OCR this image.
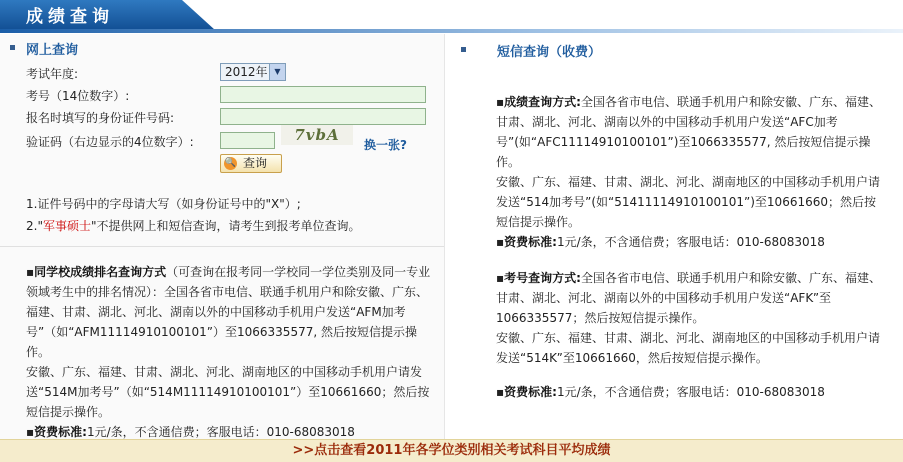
成绩查询
网上查询
考试年度:	2012年 ▼
考号（14位数字）:
报名时填写的身份证件号码:
验证码（右边显示的4位数字）:	7vbA
换一张?
🔍 查询
1.证件号码中的字母请大写（如身份证号中的"X"）;
2."军事硕士"不提供网上和短信查询，请考生到报考单位查询。
▪同学校成绩排名查询方式（可查询在报考同一学校同一学位类别及同一专业领域考生中的排名情况）：全国各省市电信、联通手机用户和除安徽、广东、福建、甘肃、湖北、河北、湖南以外的中国移动手机用户发送“AFM加考号”（如“AFM11114910100101”）至1066335577, 然后按短信提示操作。
安徽、广东、福建、甘肃、湖北、河北、湖南地区的中国移动手机用户请发送“514M加考号”（如“514M11114910100101”）至10661660；然后按短信提示操作。
▪资费标准:1元/条，不含通信费；客服电话：010-68083018
短信查询（收费）
▪成绩查询方式:全国各省市电信、联通手机用户和除安徽、广东、福建、甘肃、湖北、河北、湖南以外的中国移动手机用户发送“AFC加考号”(如“AFC11114910100101”)至1066335577, 然后按短信提示操作。
安徽、广东、福建、甘肃、湖北、河北、湖南地区的中国移动手机用户请发送“514加考号”(如“51411114910100101”)至10661660；然后按短信提示操作。
▪资费标准:1元/条，不含通信费；客服电话：010-68083018
▪考号查询方式:全国各省市电信、联通手机用户和除安徽、广东、福建、甘肃、湖北、河北、湖南以外的中国移动手机用户发送“AFK”至1066335577；然后按短信提示操作。
安徽、广东、福建、甘肃、湖北、河北、湖南地区的中国移动手机用户请发送“514K”至10661660，然后按短信提示操作。

▪资费标准:1元/条，不含通信费；客服电话：010-68083018
>>点击查看2011年各学位类别相关考试科目平均成绩
